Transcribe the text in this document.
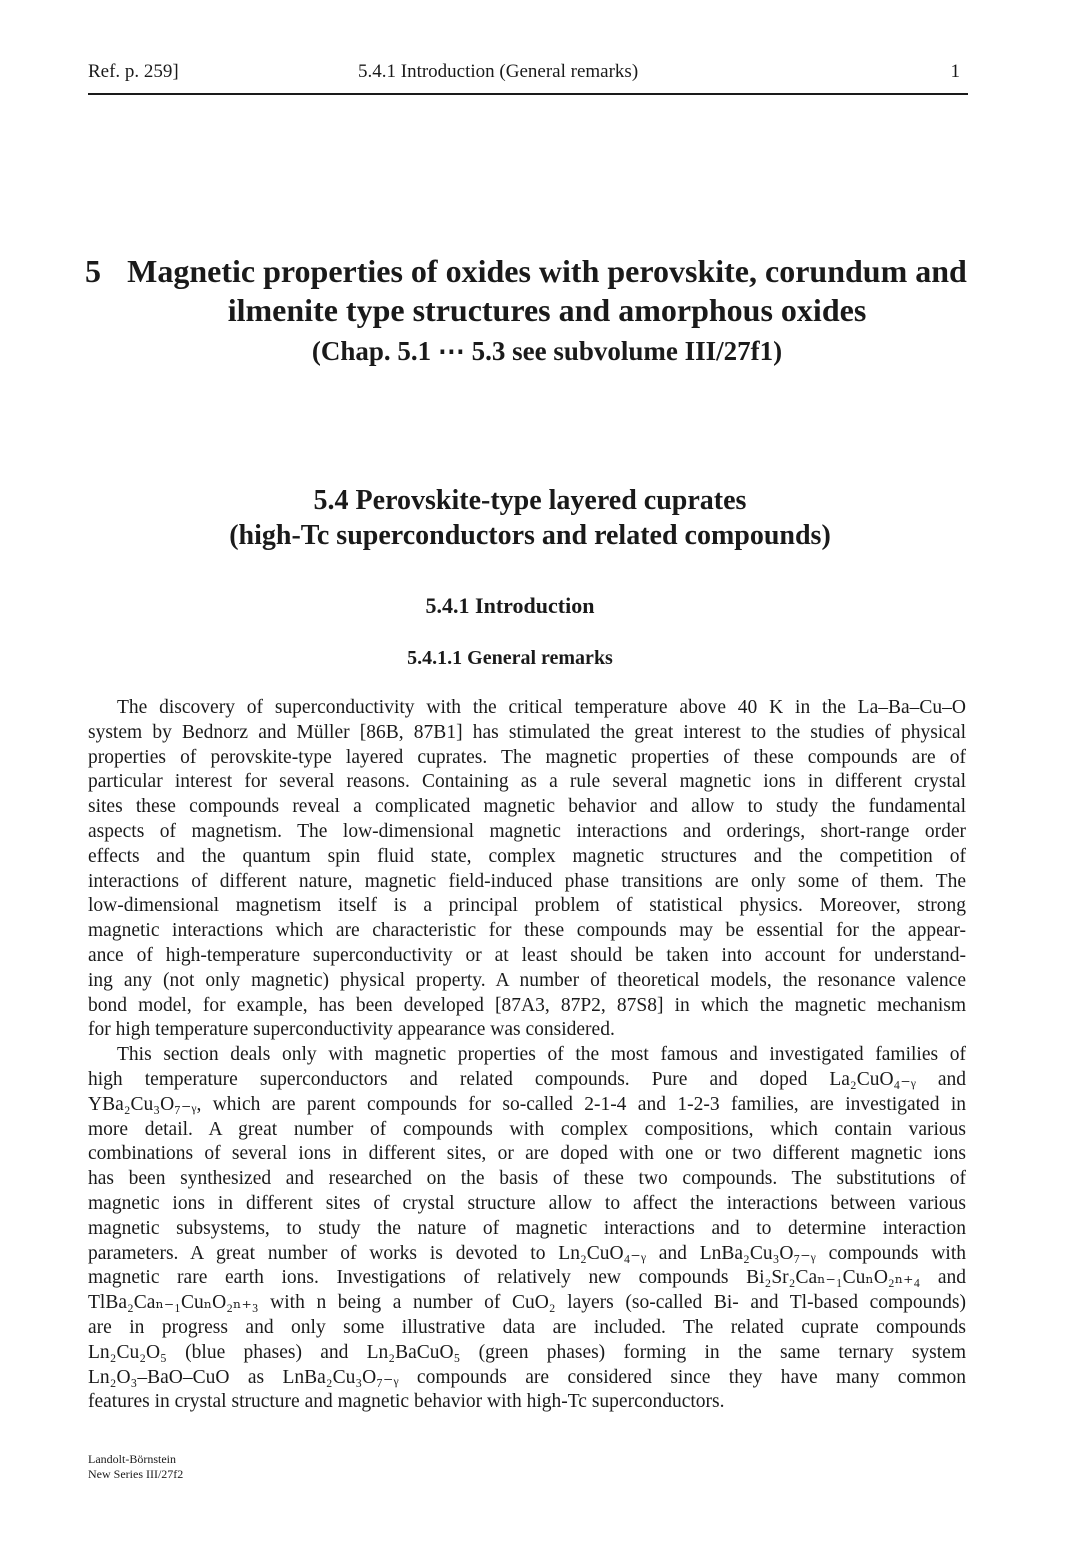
Ref. p. 259]	5.4.1 Introduction (General remarks)	1
5 Magnetic properties of oxides with perovskite, corundum and
ilmenite type structures and amorphous oxides
(Chap. 5.1 ⋯ 5.3 see subvolume III/27f1)
5.4 Perovskite-type layered cuprates
(high-Tc superconductors and related compounds)
5.4.1 Introduction
5.4.1.1 General remarks
The discovery of superconductivity with the critical temperature above 40 K in the La–Ba–Cu–O
system by Bednorz and Müller [86B, 87B1] has stimulated the great interest to the studies of physical
properties of perovskite-type layered cuprates. The magnetic properties of these compounds are of
particular interest for several reasons. Containing as a rule several magnetic ions in different crystal
sites these compounds reveal a complicated magnetic behavior and allow to study the fundamental
aspects of magnetism. The low-dimensional magnetic interactions and orderings, short-range order
effects and the quantum spin fluid state, complex magnetic structures and the competition of
interactions of different nature, magnetic field-induced phase transitions are only some of them. The
low-dimensional magnetism itself is a principal problem of statistical physics. Moreover, strong
magnetic interactions which are characteristic for these compounds may be essential for the appear-
ance of high-temperature superconductivity or at least should be taken into account for understand-
ing any (not only magnetic) physical property. A number of theoretical models, the resonance valence
bond model, for example, has been developed [87A3, 87P2, 87S8] in which the magnetic mechanism
for high temperature superconductivity appearance was considered.
This section deals only with magnetic properties of the most famous and investigated families of
high temperature superconductors and related compounds. Pure and doped La₂CuO₄₋ᵧ and
YBa₂Cu₃O₇₋ᵧ, which are parent compounds for so-called 2-1-4 and 1-2-3 families, are investigated in
more detail. A great number of compounds with complex compositions, which contain various
combinations of several ions in different sites, or are doped with one or two different magnetic ions
has been synthesized and researched on the basis of these two compounds. The substitutions of
magnetic ions in different sites of crystal structure allow to affect the interactions between various
magnetic subsystems, to study the nature of magnetic interactions and to determine interaction
parameters. A great number of works is devoted to Ln₂CuO₄₋ᵧ and LnBa₂Cu₃O₇₋ᵧ compounds with
magnetic rare earth ions. Investigations of relatively new compounds Bi₂Sr₂Caₙ₋₁CuₙO₂ₙ₊₄ and
TlBa₂Caₙ₋₁CuₙO₂ₙ₊₃ with n being a number of CuO₂ layers (so-called Bi- and Tl-based compounds)
are in progress and only some illustrative data are included. The related cuprate compounds
Ln₂Cu₂O₅ (blue phases) and Ln₂BaCuO₅ (green phases) forming in the same ternary system
Ln₂O₃–BaO–CuO as LnBa₂Cu₃O₇₋ᵧ compounds are considered since they have many common
features in crystal structure and magnetic behavior with high-Tc superconductors.
Landolt-Börnstein
New Series III/27f2
